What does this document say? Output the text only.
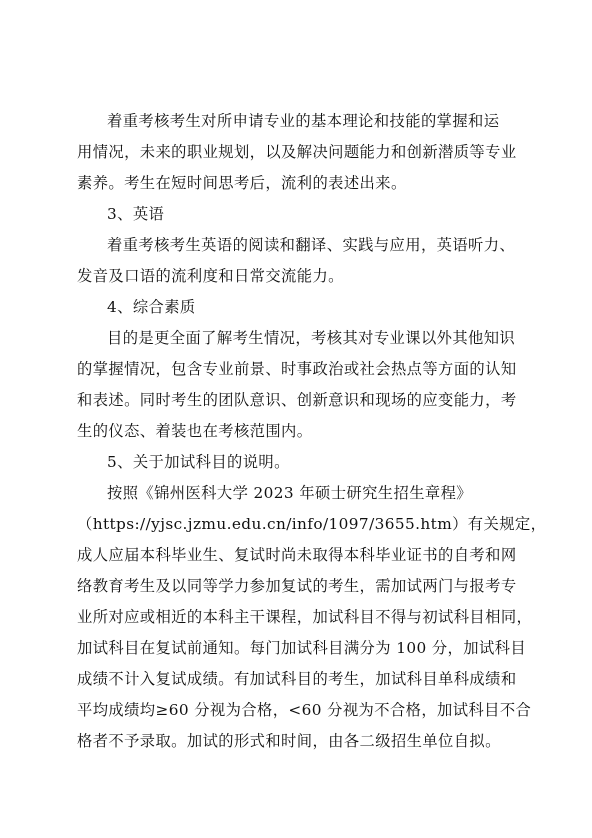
着重考核考生对所申请专业的基本理论和技能的掌握和运
用情况，未来的职业规划，以及解决问题能力和创新潜质等专业
素养。考生在短时间思考后，流利的表述出来。
3、英语
着重考核考生英语的阅读和翻译、实践与应用，英语听力、
发音及口语的流利度和日常交流能力。
4、综合素质
目的是更全面了解考生情况，考核其对专业课以外其他知识
的掌握情况，包含专业前景、时事政治或社会热点等方面的认知
和表述。同时考生的团队意识、创新意识和现场的应变能力，考
生的仪态、着装也在考核范围内。
5、关于加试科目的说明。
按照《锦州医科大学 2023 年硕士研究生招生章程》
（https://yjsc.jzmu.edu.cn/info/1097/3655.htm）有关规定，
成人应届本科毕业生、复试时尚未取得本科毕业证书的自考和网
络教育考生及以同等学力参加复试的考生，需加试两门与报考专
业所对应或相近的本科主干课程，加试科目不得与初试科目相同，
加试科目在复试前通知。每门加试科目满分为 100 分，加试科目
成绩不计入复试成绩。有加试科目的考生，加试科目单科成绩和
平均成绩均≥60 分视为合格，<60 分视为不合格，加试科目不合
格者不予录取。加试的形式和时间，由各二级招生单位自拟。
